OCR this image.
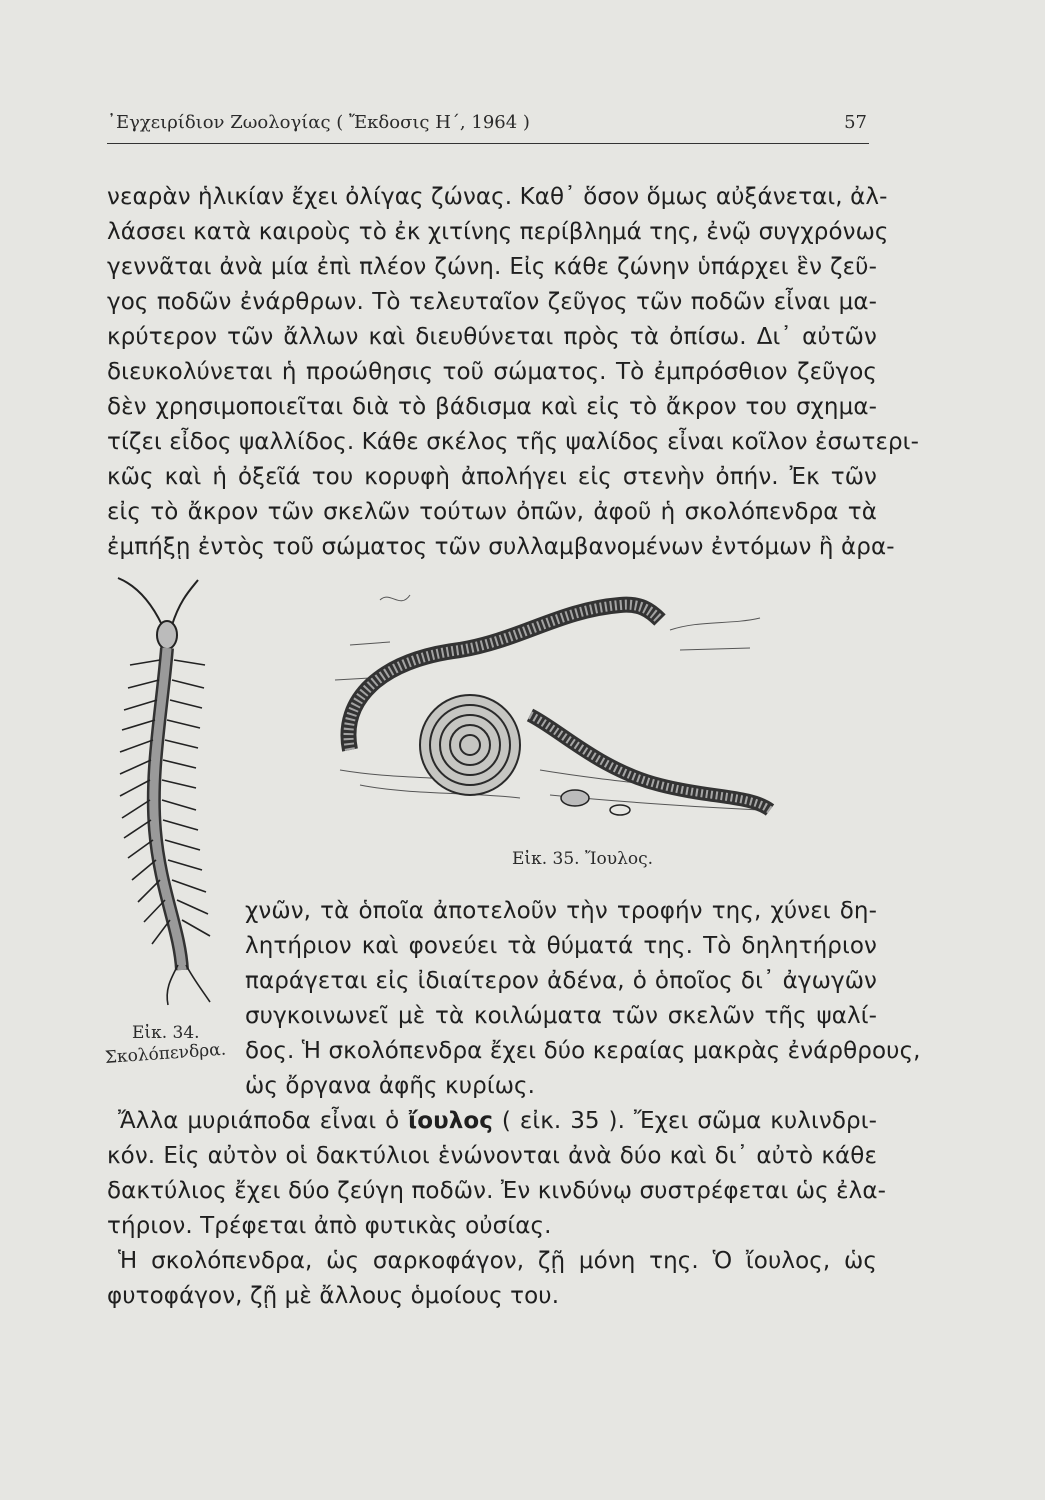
᾿Εγχειρίδιον Ζωολογίας ( Ἔκδοσις Η΄, 1964 )	57
νεαρὰν ἡλικίαν ἔχει ὀλίγας ζώνας. Καθ᾿ ὅσον ὅμως αὐξάνεται, ἀλ-
λάσσει κατὰ καιροὺς τὸ ἐκ χιτίνης περίβλημά της, ἐνῷ συγχρόνως
γεννᾶται ἀνὰ μία ἐπὶ πλέον ζώνη. Εἰς κάθε ζώνην ὑπάρχει ἓν ζεῦ-
γος ποδῶν ἐνάρθρων. Τὸ τελευταῖον ζεῦγος τῶν ποδῶν εἶναι μα-
κρύτερον τῶν ἄλλων καὶ διευθύνεται πρὸς τὰ ὀπίσω. Δι᾿ αὐτῶν
διευκολύνεται ἡ προώθησις τοῦ σώματος. Τὸ ἐμπρόσθιον ζεῦγος
δὲν χρησιμοποιεῖται διὰ τὸ βάδισμα καὶ εἰς τὸ ἄκρον του σχημα-
τίζει εἶδος ψαλλίδος. Κάθε σκέλος τῆς ψαλίδος εἶναι κοῖλον ἐσωτερι-
κῶς καὶ ἡ ὀξεῖά του κορυφὴ ἀπολήγει εἰς στενὴν ὀπήν. Ἐκ τῶν
εἰς τὸ ἄκρον τῶν σκελῶν τούτων ὀπῶν, ἀφοῦ ἡ σκολόπενδρα τὰ
ἐμπήξῃ ἐντὸς τοῦ σώματος τῶν συλλαμβανομένων ἐντόμων ἢ ἀρα-
Εἰκ. 34.
Σκολόπενδρα.
Εἰκ. 35. Ἴουλος.
χνῶν, τὰ ὁποῖα ἀποτελοῦν τὴν τροφήν της, χύνει δη-
λητήριον καὶ φονεύει τὰ θύματά της. Τὸ δηλητήριον
παράγεται εἰς ἰδιαίτερον ἀδένα, ὁ ὁποῖος δι᾿ ἀγωγῶν
συγκοινωνεῖ μὲ τὰ κοιλώματα τῶν σκελῶν τῆς ψαλί-
δος. Ἡ σκολόπενδρα ἔχει δύο κεραίας μακρὰς ἐνάρθρους,
ὡς ὄργανα ἀφῆς κυρίως.
Ἄλλα μυριάποδα εἶναι ὁ ἴουλος ( εἰκ. 35 ). Ἔχει σῶμα κυλινδρι-
κόν. Εἰς αὐτὸν οἱ δακτύλιοι ἑνώνονται ἀνὰ δύο καὶ δι᾿ αὐτὸ κάθε
δακτύλιος ἔχει δύο ζεύγη ποδῶν. Ἐν κινδύνῳ συστρέφεται ὡς ἐλα-
τήριον. Τρέφεται ἀπὸ φυτικὰς οὐσίας.
Ἡ σκολόπενδρα, ὡς σαρκοφάγον, ζῇ μόνη της. Ὁ ἴουλος, ὡς
φυτοφάγον, ζῇ μὲ ἄλλους ὁμοίους του.
